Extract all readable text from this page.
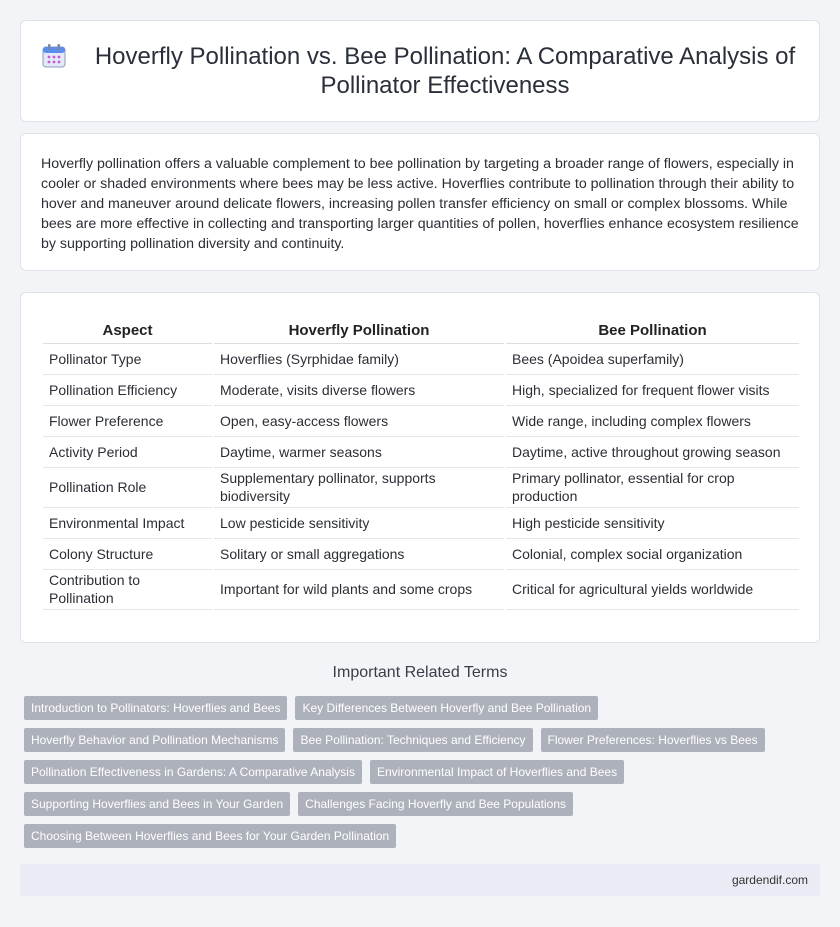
Hoverfly Pollination vs. Bee Pollination: A Comparative Analysis of Pollinator Effectiveness

Hoverfly pollination offers a valuable complement to bee pollination by targeting a broader range of flowers, especially in cooler or shaded environments where bees may be less active. Hoverflies contribute to pollination through their ability to hover and maneuver around delicate flowers, increasing pollen transfer efficiency on small or complex blossoms. While bees are more effective in collecting and transporting larger quantities of pollen, hoverflies enhance ecosystem resilience by supporting pollination diversity and continuity.

Aspect	Hoverfly Pollination	Bee Pollination
Pollinator Type	Hoverflies (Syrphidae family)	Bees (Apoidea superfamily)
Pollination Efficiency	Moderate, visits diverse flowers	High, specialized for frequent flower visits
Flower Preference	Open, easy-access flowers	Wide range, including complex flowers
Activity Period	Daytime, warmer seasons	Daytime, active throughout growing season
Pollination Role	Supplementary pollinator, supports biodiversity	Primary pollinator, essential for crop production
Environmental Impact	Low pesticide sensitivity	High pesticide sensitivity
Colony Structure	Solitary or small aggregations	Colonial, complex social organization
Contribution to Pollination	Important for wild plants and some crops	Critical for agricultural yields worldwide
Important Related Terms
Introduction to Pollinators: Hoverflies and Bees	Key Differences Between Hoverfly and Bee Pollination
Hoverfly Behavior and Pollination Mechanisms	Bee Pollination: Techniques and Efficiency	Flower Preferences: Hoverflies vs Bees
Pollination Effectiveness in Gardens: A Comparative Analysis	Environmental Impact of Hoverflies and Bees
Supporting Hoverflies and Bees in Your Garden	Challenges Facing Hoverfly and Bee Populations
Choosing Between Hoverflies and Bees for Your Garden Pollination
gardendif.com
